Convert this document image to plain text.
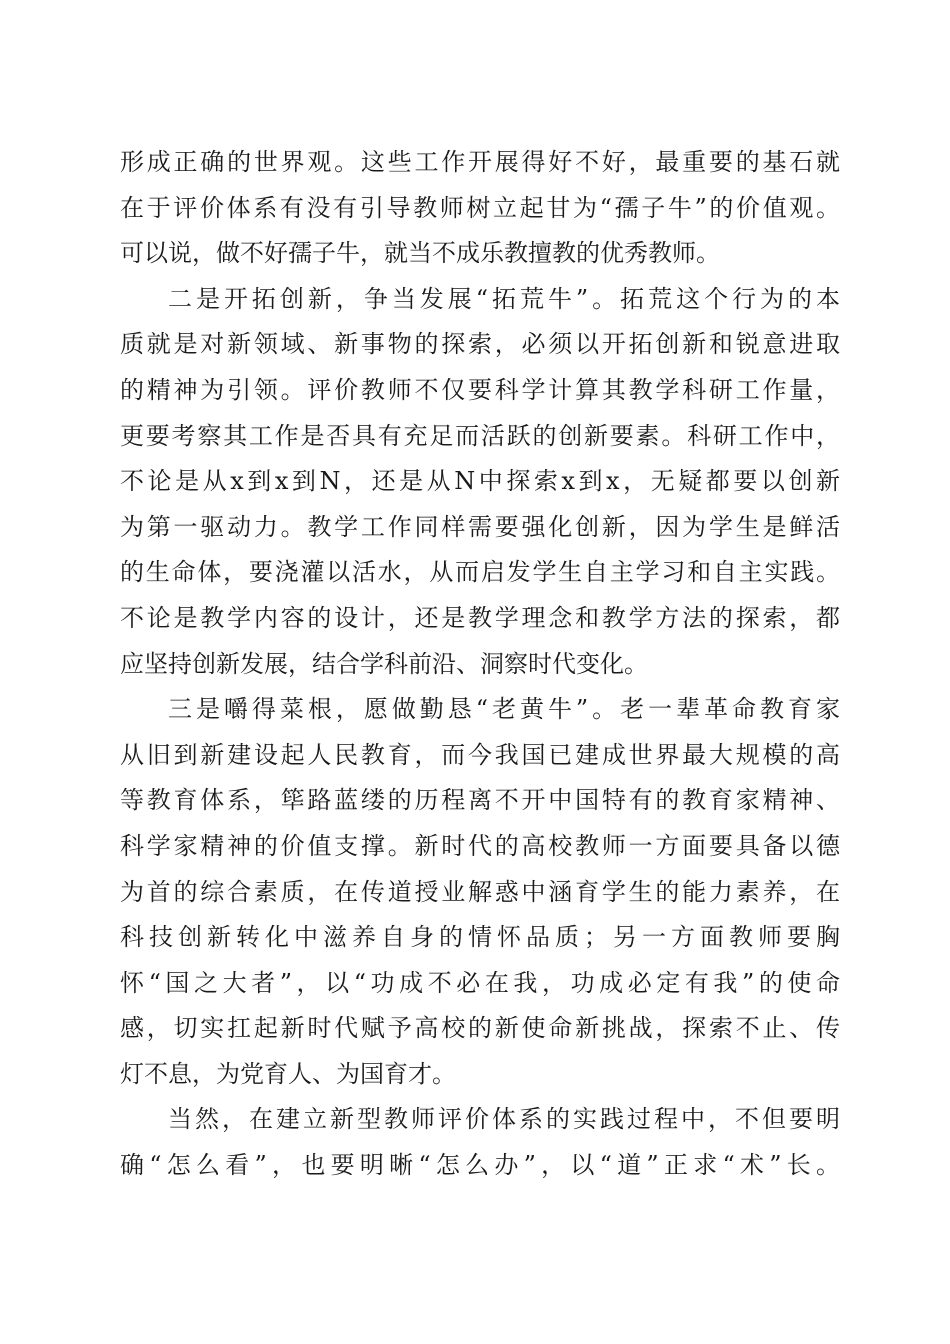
形成正确的世界观。这些工作开展得好不好，最重要的基石就
在于评价体系有没有引导教师树立起甘为“孺子牛”的价值观。
可以说，做不好孺子牛，就当不成乐教擅教的优秀教师。
二是开拓创新，争当发展“拓荒牛”。拓荒这个行为的本
质就是对新领域、新事物的探索，必须以开拓创新和锐意进取
的精神为引领。评价教师不仅要科学计算其教学科研工作量，
更要考察其工作是否具有充足而活跃的创新要素。科研工作中，
不论是从x到x到N，还是从N中探索x到x，无疑都要以创新
为第一驱动力。教学工作同样需要强化创新，因为学生是鲜活
的生命体，要浇灌以活水，从而启发学生自主学习和自主实践。
不论是教学内容的设计，还是教学理念和教学方法的探索，都
应坚持创新发展，结合学科前沿、洞察时代变化。
三是嚼得菜根，愿做勤恳“老黄牛”。老一辈革命教育家
从旧到新建设起人民教育，而今我国已建成世界最大规模的高
等教育体系，筚路蓝缕的历程离不开中国特有的教育家精神、
科学家精神的价值支撑。新时代的高校教师一方面要具备以德
为首的综合素质，在传道授业解惑中涵育学生的能力素养，在
科技创新转化中滋养自身的情怀品质；另一方面教师要胸
怀“国之大者”，以“功成不必在我，功成必定有我”的使命
感，切实扛起新时代赋予高校的新使命新挑战，探索不止、传
灯不息，为党育人、为国育才。
当然，在建立新型教师评价体系的实践过程中，不但要明
确“怎么看”，也要明晰“怎么办”，以“道”正求“术”长。
